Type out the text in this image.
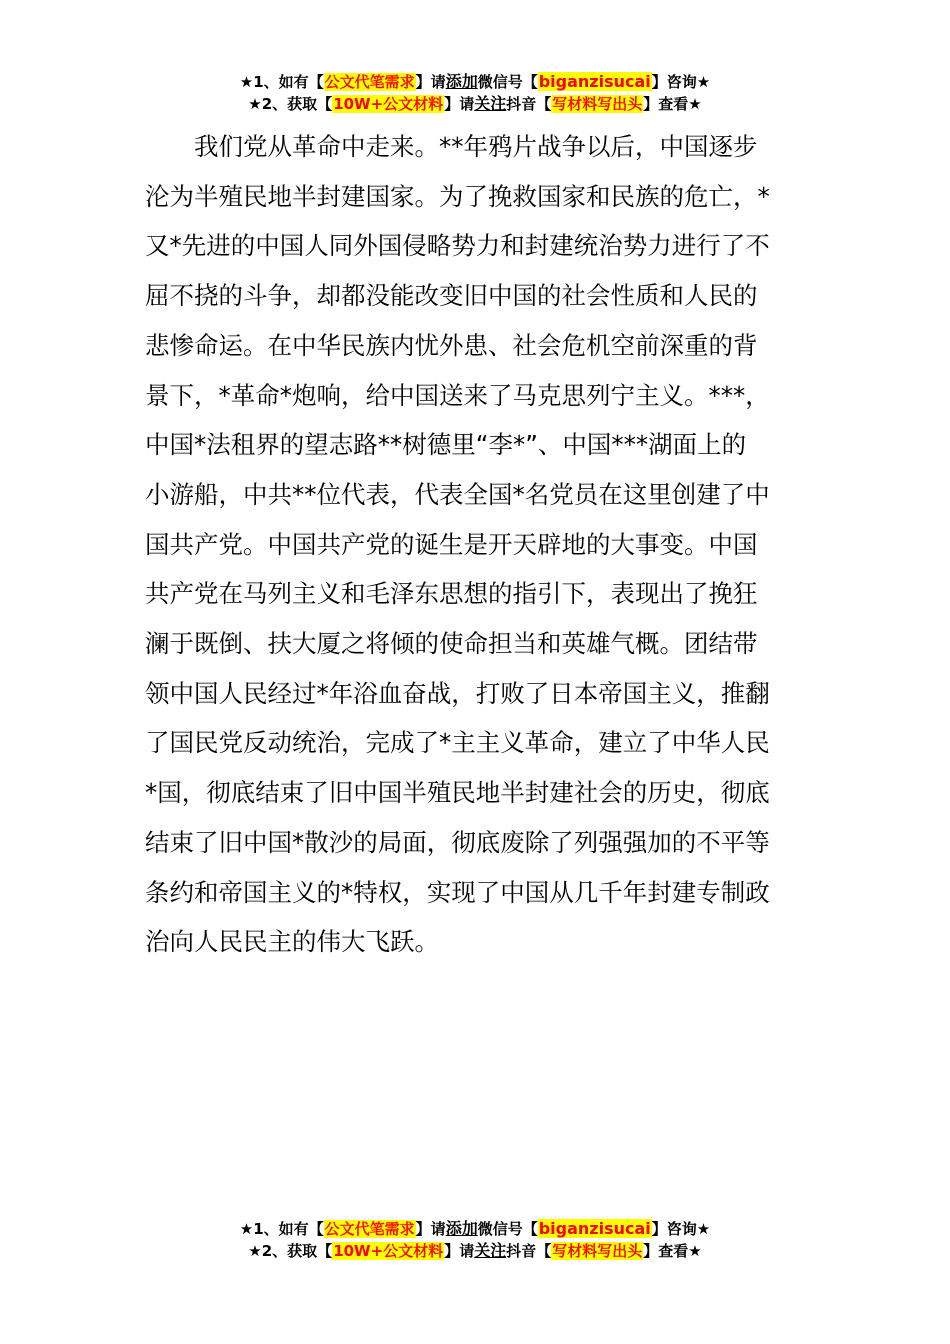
★1、如有【公文代笔需求】请添加微信号【biganzisucai】咨询★
★2、获取【10W+公文材料】请关注抖音【写材料写出头】查看★
我们党从革命中走来。**年鸦片战争以后，中国逐步
沦为半殖民地半封建国家。为了挽救国家和民族的危亡，*
又*先进的中国人同外国侵略势力和封建统治势力进行了不
屈不挠的斗争，却都没能改变旧中国的社会性质和人民的
悲惨命运。在中华民族内忧外患、社会危机空前深重的背
景下，*革命*炮响，给中国送来了马克思列宁主义。***，
中国*法租界的望志路**树德里“李*”、中国***湖面上的
小游船，中共**位代表，代表全国*名党员在这里创建了中
国共产党。中国共产党的诞生是开天辟地的大事变。中国
共产党在马列主义和毛泽东思想的指引下，表现出了挽狂
澜于既倒、扶大厦之将倾的使命担当和英雄气概。团结带
领中国人民经过*年浴血奋战，打败了日本帝国主义，推翻
了国民党反动统治，完成了*主主义革命，建立了中华人民
*国，彻底结束了旧中国半殖民地半封建社会的历史，彻底
结束了旧中国*散沙的局面，彻底废除了列强强加的不平等
条约和帝国主义的*特权，实现了中国从几千年封建专制政
治向人民民主的伟大飞跃。
★1、如有【公文代笔需求】请添加微信号【biganzisucai】咨询★
★2、获取【10W+公文材料】请关注抖音【写材料写出头】查看★
